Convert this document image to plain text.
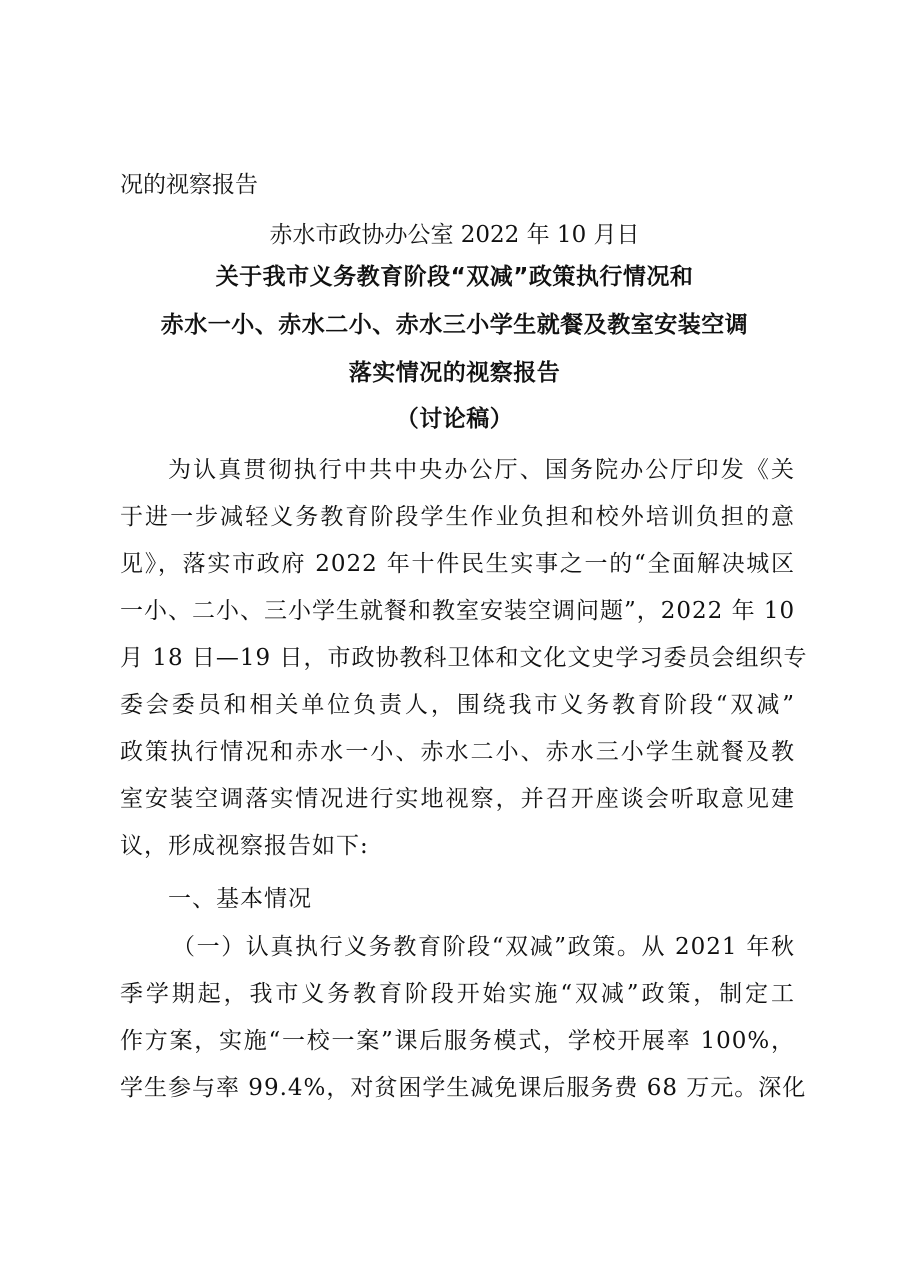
况的视察报告
赤水市政协办公室 2022 年 10 月日
关于我市义务教育阶段“双减”政策执行情况和
赤水一小、赤水二小、赤水三小学生就餐及教室安装空调
落实情况的视察报告
（讨论稿）
为认真贯彻执行中共中央办公厅、国务院办公厅印发《关
于进一步减轻义务教育阶段学生作业负担和校外培训负担的意
见》，落实市政府 2022 年十件民生实事之一的“全面解决城区
一小、二小、三小学生就餐和教室安装空调问题”，2022 年 10
月 18 日—19 日，市政协教科卫体和文化文史学习委员会组织专
委会委员和相关单位负责人，围绕我市义务教育阶段“双减”
政策执行情况和赤水一小、赤水二小、赤水三小学生就餐及教
室安装空调落实情况进行实地视察，并召开座谈会听取意见建
议，形成视察报告如下:
一、基本情况
（一）认真执行义务教育阶段“双减”政策。从 2021 年秋
季学期起，我市义务教育阶段开始实施“双减”政策，制定工
作方案，实施“一校一案”课后服务模式，学校开展率 100%，
学生参与率 99.4%，对贫困学生减免课后服务费 68 万元。深化
